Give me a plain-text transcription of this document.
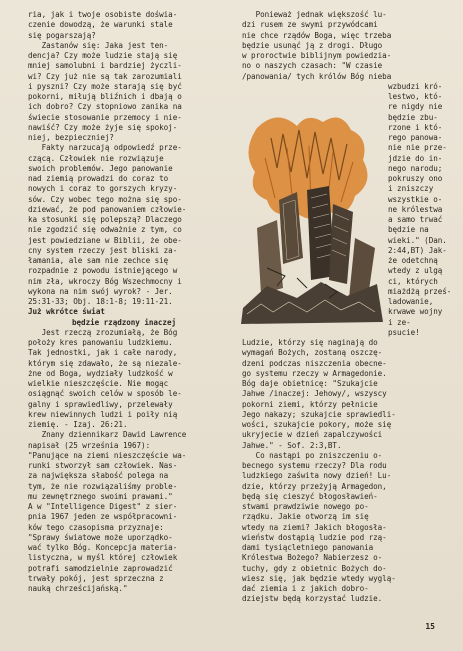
ria, jak i twoje osobiste doświa-
czenie dowodzą, że warunki stale
się pogarszają?
Zastanów się: Jaka jest ten-
dencja? Czy może ludzie stają się
mniej samolubni i bardziej życzli-
wi? Czy już nie są tak zarozumiali
i pyszni? Czy może starają się być
pokorni, miłują bliźnich i dbają o
ich dobro? Czy stopniowo zanika na
świecie stosowanie przemocy i nie-
nawiść? Czy może żyje się spokoj-
niej, bezpieczniej?
Fakty narzucają odpowiedź prze-
czącą. Człowiek nie rozwiązuje
swoich problemów. Jego panowanie
nad ziemią prowadzi do coraz to
nowych i coraz to gorszych kryzy-
sów. Czy wobec tego można się spo-
dziewać, że pod panowaniem człowie-
ka stosunki się polepszą? Dlaczego
nie zgodzić się odważnie z tym, co
jest powiedziane w Biblii, że obe-
cny system rzeczy jest bliski za-
łamania, ale sam nie zechce się
rozpadnie z powodu istniejącego w
nim zła, wkroczy Bóg Wszechmocny i
wykona na nim swój wyrok? - Jer.
25:31-33; Obj. 18:1-8; 19:11-21.
Już wkrótce świat
będzie rządzony inaczej
Jest rzeczą zrozumiałą, że Bóg
położy kres panowaniu ludzkiemu.
Tak jednostki, jak i całe narody,
którym się zdawało, że są niezale-
żne od Boga, wydziały ludzkość w
wielkie nieszczęście. Nie mogąc
osiągnąć swoich celów w sposób le-
galny i sprawiedliwy, przelewały
krew niewinnych ludzi i poiły nią
ziemię. - Izaj. 26:21.
Znany dziennikarz Dawid Lawrence
napisał (25 września 1967):
"Panujące na ziemi nieszczęście wa-
runki stworzył sam człowiek. Nas-
za największa słabość polega na
tym, że nie rozwiązaliśmy proble-
mu zewnętrznego swoimi prawami."
A w "Intelligence Digest" z sier-
pnia 1967 jeden ze współpracowni-
ków tego czasopisma przyznaje:
"Sprawy światowe może uporządko-
wać tylko Bóg. Koncepcja materia-
listyczna, w myśl której człowiek
potrafi samodzielnie zaprowadzić
trwały pokój, jest sprzeczna z
nauką chrześcijańską."
Ponieważ jednak większość lu-
dzi rusem ze swymi przywódcami
nie chce rządów Boga, więc trzeba
będzie usunąć ją z drogi. Długo
w proroctwie biblijnym powiedzia-
no o naszych czasach: "W czasie
/panowania/ tych królów Bóg nieba
wzbudzi kró-
lestwo, któ-
re nigdy nie
będzie zbu-
rzone i któ-
rego panowa-
nie nie prze-
jdzie do in-
nego narodu;
pokruszy ono
i zniszczy
wszystkie o-
ne królestwa
a samo trwać
będzie na
wieki." (Dan.
2:44,BT) Jak-
że odetchną
wtedy z ulgą
ci, których
miażdżą prześ-
ladowanie,
krwawe wojny
i ze-
psucie!
Ludzie, którzy się naginają do
wymagań Bożych, zostaną oszczę-
dzeni podczas niszczenia obecne-
go systemu rzeczy w Armagedonie.
Bóg daje obietnicę: "Szukajcie
Jahwe /inaczej: Jehowy/, wszyscy
pokorni ziemi, którzy pełnicie
Jego nakazy; szukajcie sprawiedli-
wości, szukajcie pokory, może się
ukryjecie w dzień zapalczywości
Jahwe." - Sof. 2:3,BT.
Co nastąpi po zniszczeniu o-
becnego systemu rzeczy? Dla rodu
ludzkiego zaświta nowy dzień! Lu-
dzie, którzy przeżyją Armagedon,
będą się cieszyć błogosławień-
stwami prawdziwie nowego po-
rządku. Jakie otworzą im się
wtedy na ziemi? Jakich błogosła-
wieństw dostąpią ludzie pod rzą-
dami tysiącletniego panowania
Królestwa Bożego? Nabierzesz o-
tuchy, gdy z obietnic Bożych do-
wiesz się, jak będzie wtedy wyglą-
dać ziemia i z jakich dobro-
dziejstw będą korzystać ludzie.
15
